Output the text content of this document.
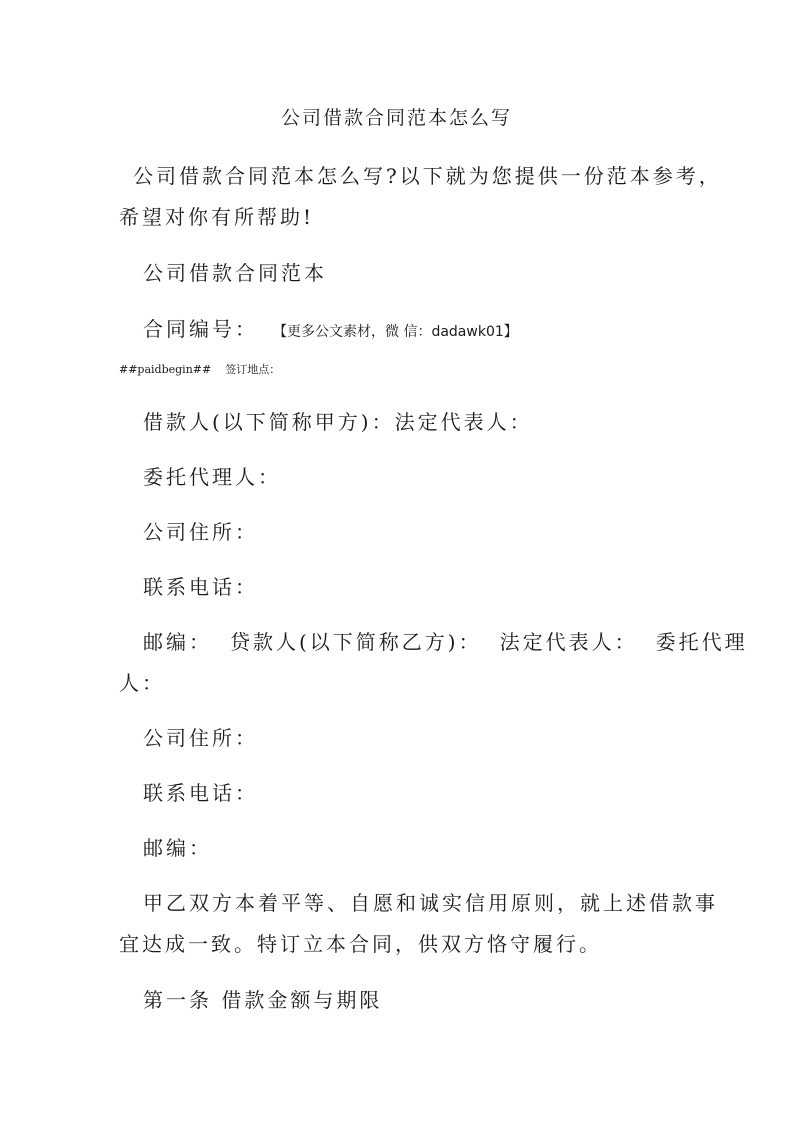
公司借款合同范本怎么写
公司借款合同范本怎么写?以下就为您提供一份范本参考，
希望对你有所帮助!
公司借款合同范本
合同编号： 【更多公文素材，微 信：dadawk01】
##paidbegin## 签订地点：
借款人(以下简称甲方)：法定代表人：
委托代理人：
公司住所：
联系电话：
邮编： 贷款人(以下简称乙方)： 法定代表人： 委托代理
人：
公司住所：
联系电话：
邮编：
甲乙双方本着平等、自愿和诚实信用原则，就上述借款事
宜达成一致。特订立本合同，供双方恪守履行。
第一条 借款金额与期限
